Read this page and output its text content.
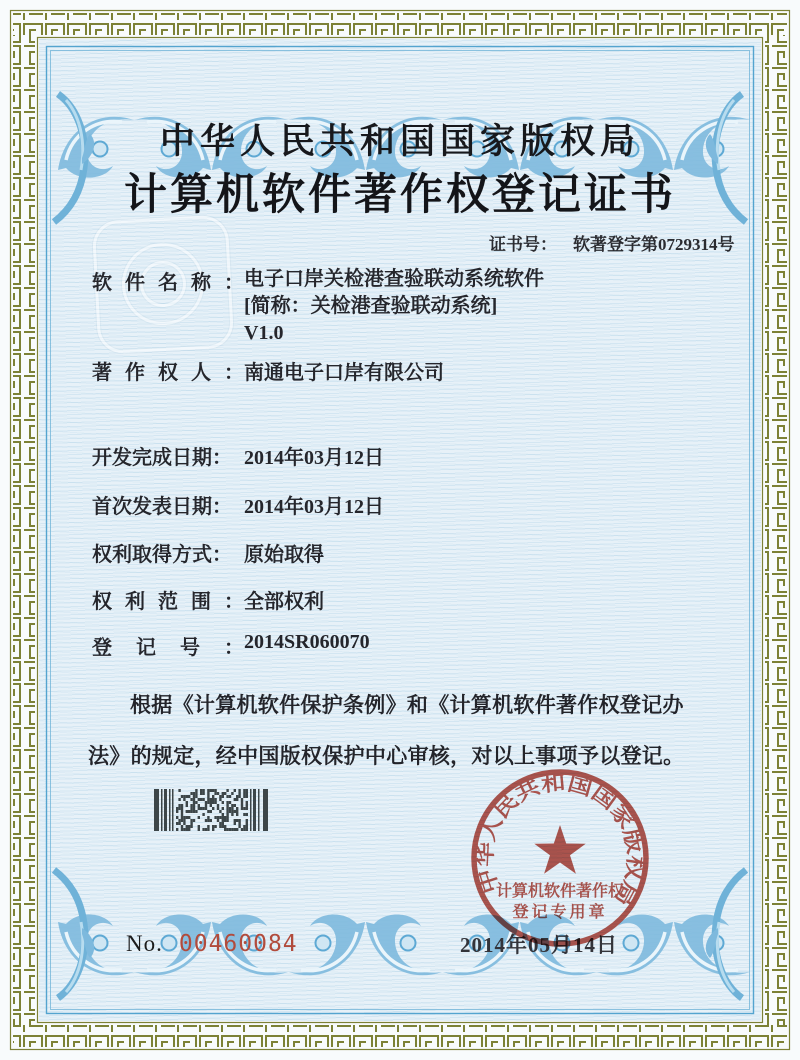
中华人民共和国国家版权局
计算机软件著作权登记证书
证书号： 软著登字第0729314号
软件名称： 电子口岸关检港查验联动系统软件
[简称：关检港查验联动系统]
V1.0
著作权人： 南通电子口岸有限公司
开发完成日期： 2014年03月12日
首次发表日期： 2014年03月12日
权利取得方式： 原始取得
权利范围： 全部权利
登记号： 2014SR060070
根据《计算机软件保护条例》和《计算机软件著作权登记办法》的规定，经中国版权保护中心审核，对以上事项予以登记。
2014年05月14日
No. 00460084
中华人民共和国国家版权局
计算机软件著作权
登记专用章
